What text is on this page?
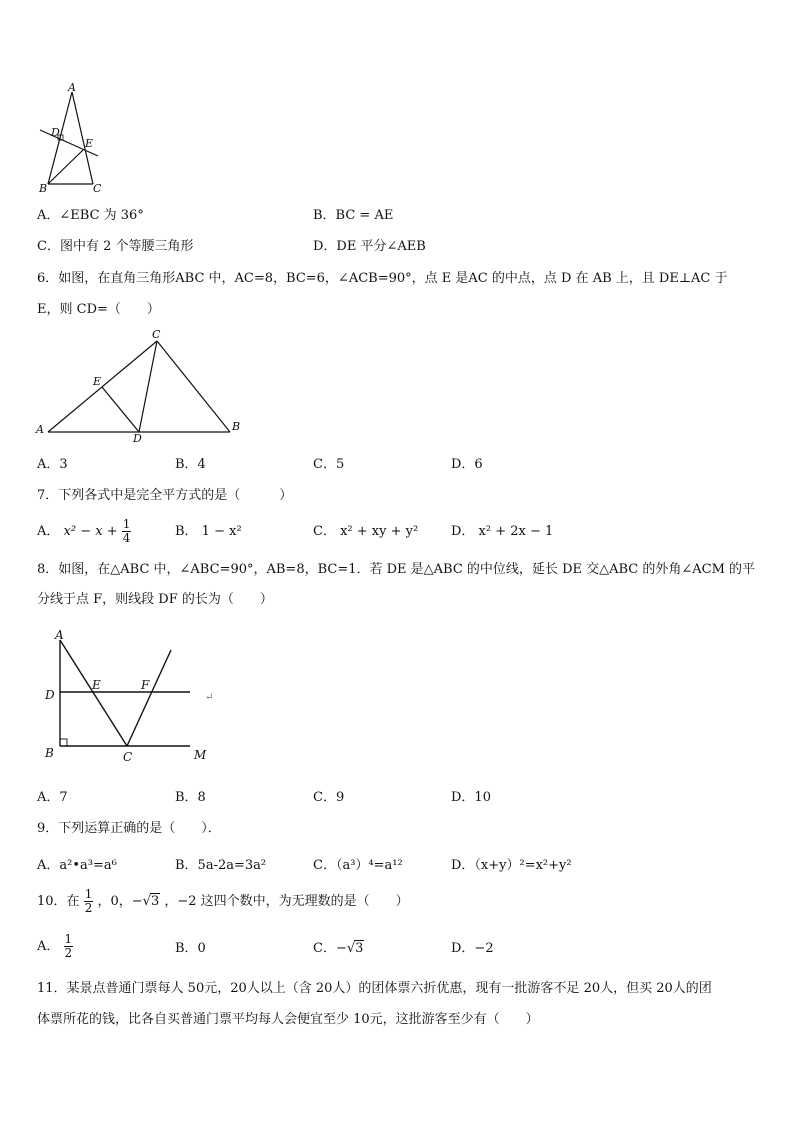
A
D
E
B	C
A．∠EBC 为 36°	B．BC = AE
C．图中有 2 个等腰三角形	D．DE 平分∠AEB
6．如图，在直角三角形ABC 中，AC=8，BC=6，∠ACB=90°，点 E 是AC 的中点，点 D 在 AB 上，且 DE⊥AC 于
E，则 CD=（　　）
C
E
A
D
B
A．3	B．4	C．5	D．6
7．下列各式中是完全平方式的是（　　　）
A． $x^2 - x + \frac{1}{4}$	B． 1 − x²	C． x² + xy + y²	D． x² + 2x − 1
8．如图，在△ABC 中，∠ABC=90°，AB=8，BC=1．若 DE 是△ABC 的中位线，延长 DE 交△ABC 的外角∠ACM 的平
分线于点 F，则线段 DF 的长为（　　）
A
D
E	F
B	C	M
↵
A．7	B．8	C．9	D．10
9．下列运算正确的是（　　）．
A．a²•a³=a⁶	B．5a-2a=3a²	C．（a³）⁴=a¹²	D．（x+y）²=x²+y²
10．在 $\frac{1}{2}$ ，0，−√3 ，−2 这四个数中，为无理数的是（　　）
A． $\frac{1}{2}$	B．0	C．−√3	D．−2
11．某景点普通门票每人 50元，20人以上（含 20人）的团体票六折优惠，现有一批游客不足 20人，但买 20人的团
体票所花的钱，比各自买普通门票平均每人会便宜至少 10元，这批游客至少有（　　）
